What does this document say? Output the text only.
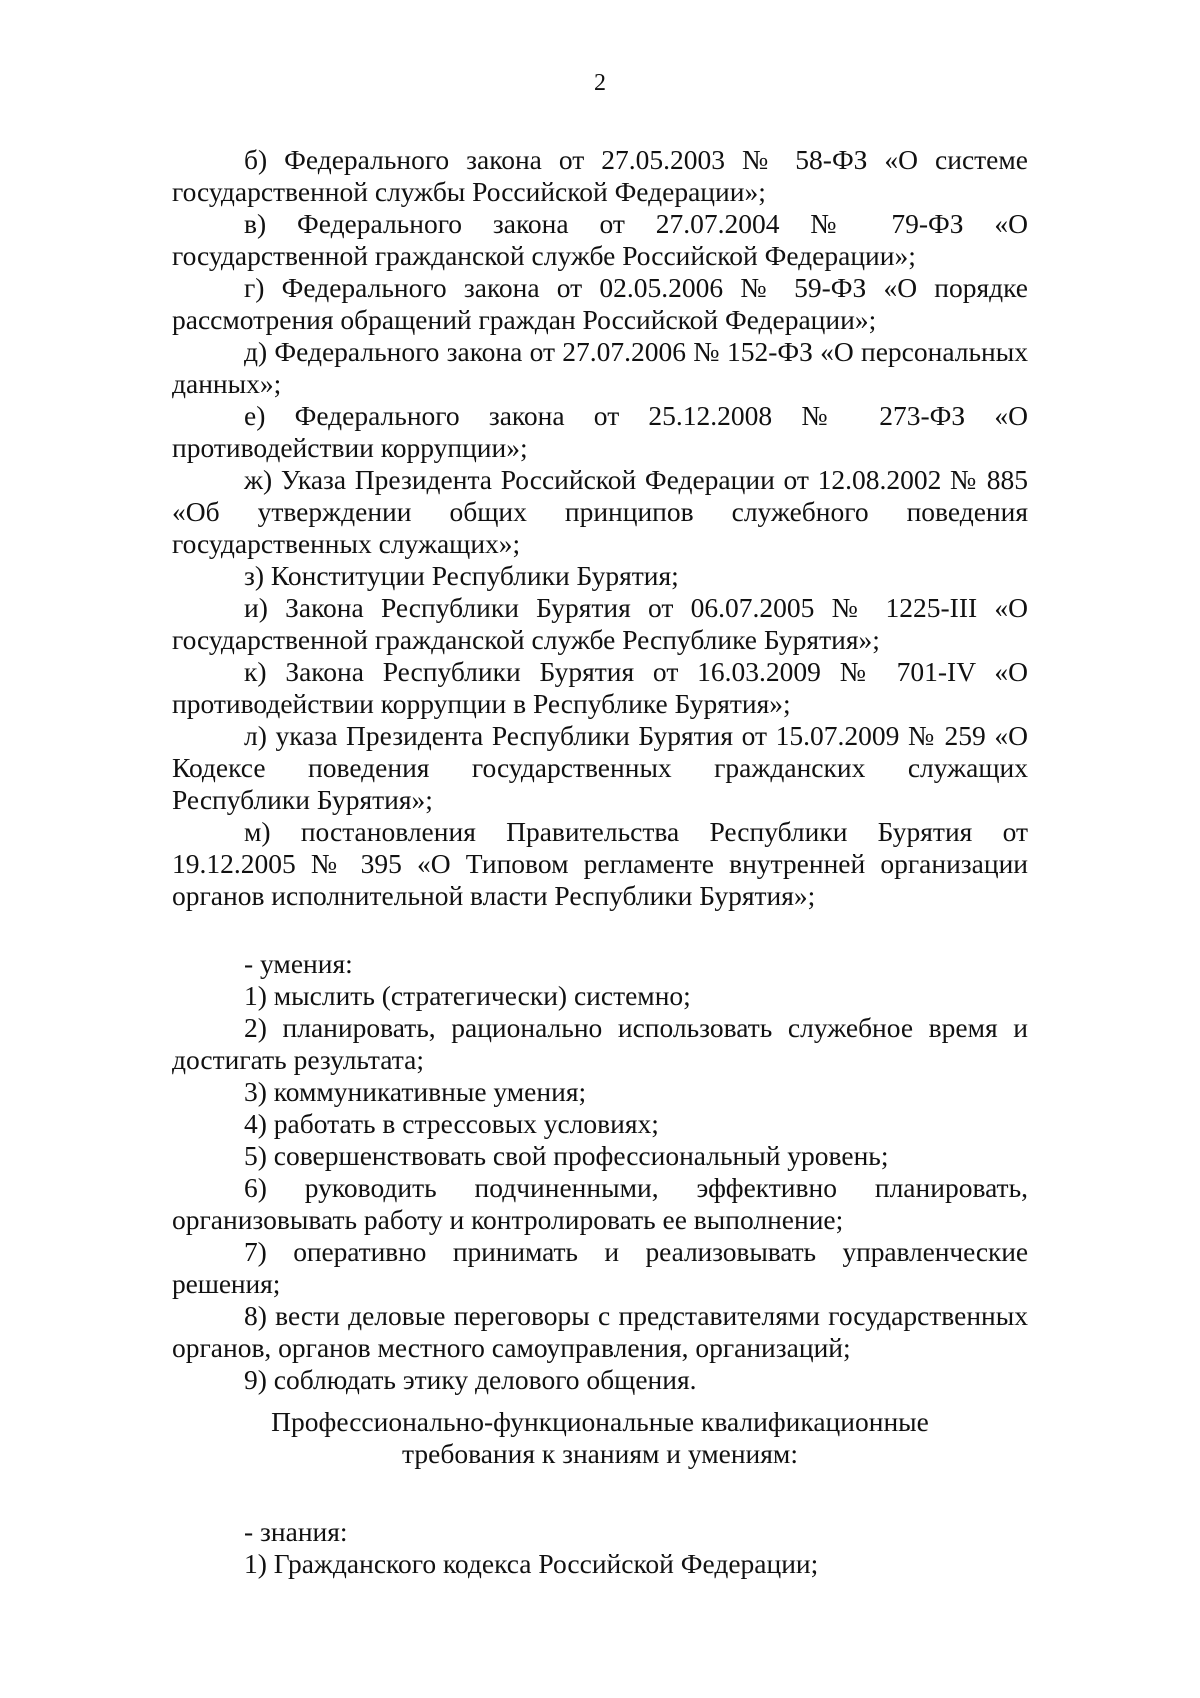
2

б) Федерального закона от 27.05.2003 № 58-ФЗ «О системе государственной службы Российской Федерации»;

в) Федерального закона от 27.07.2004 № 79-ФЗ «О государственной гражданской службе Российской Федерации»;

г) Федерального закона от 02.05.2006 № 59-ФЗ «О порядке рассмотрения обращений граждан Российской Федерации»;

д) Федерального закона от 27.07.2006 № 152-ФЗ «О персональных данных»;

е) Федерального закона от 25.12.2008 № 273-ФЗ «О противодействии коррупции»;

ж) Указа Президента Российской Федерации от 12.08.2002 № 885 «Об утверждении общих принципов служебного поведения государственных служащих»;

з) Конституции Республики Бурятия;

и) Закона Республики Бурятия от 06.07.2005 № 1225-III «О государственной гражданской службе Республике Бурятия»;

к) Закона Республики Бурятия от 16.03.2009 № 701-IV «О противодействии коррупции в Республике Бурятия»;

л) указа Президента Республики Бурятия от 15.07.2009 № 259 «О Кодексе поведения государственных гражданских служащих Республики Бурятия»;

м) постановления Правительства Республики Бурятия от 19.12.2005 № 395 «О Типовом регламенте внутренней организации органов исполнительной власти Республики Бурятия»;

- умения:

1) мыслить (стратегически) системно;

2) планировать, рационально использовать служебное время и достигать результата;

3) коммуникативные умения;

4) работать в стрессовых условиях;

5) совершенствовать свой профессиональный уровень;

6) руководить подчиненными, эффективно планировать, организовывать работу и контролировать ее выполнение;

7) оперативно принимать и реализовывать управленческие решения;

8) вести деловые переговоры с представителями государственных органов, органов местного самоуправления, организаций;

9) соблюдать этику делового общения.

Профессионально-функциональные квалификационные

требования к знаниям и умениям:

- знания:

1) Гражданского кодекса Российской Федерации;
